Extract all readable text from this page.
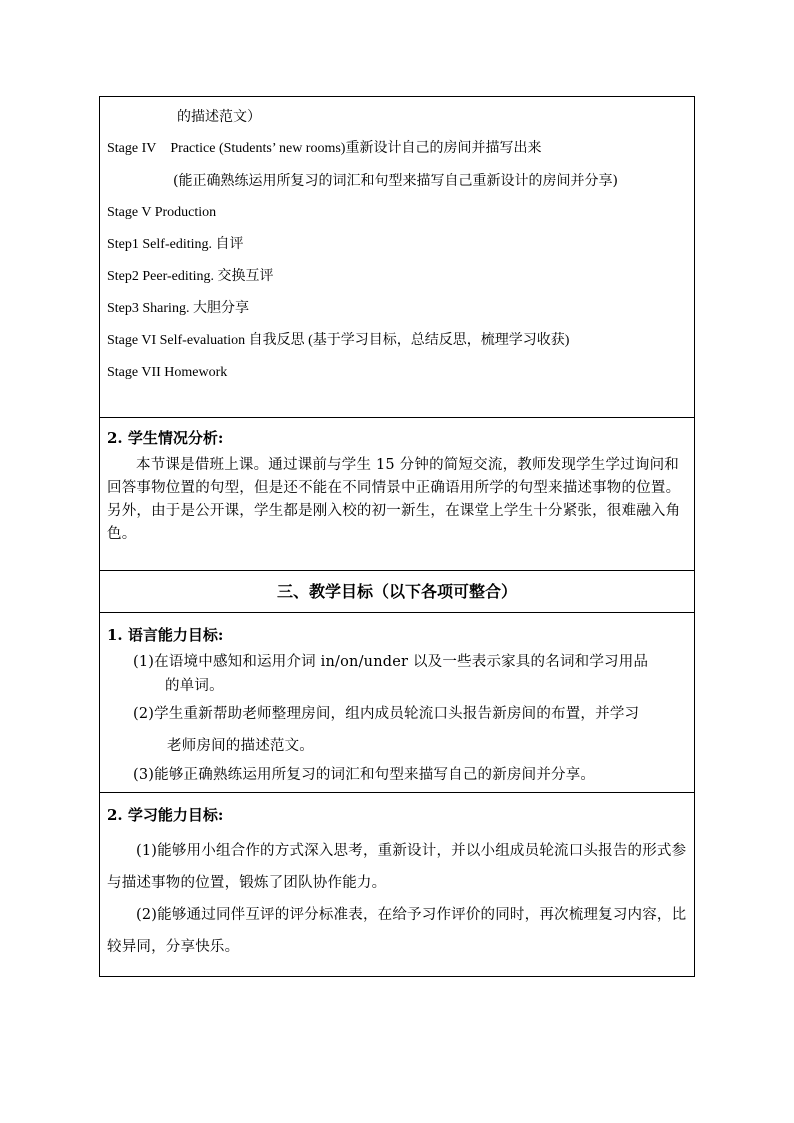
的描述范文）
Stage IV Practice (Students’ new rooms)重新设计自己的房间并描写出来
(能正确熟练运用所复习的词汇和句型来描写自己重新设计的房间并分享)
Stage V Production
Step1 Self-editing. 自评
Step2 Peer-editing. 交换互评
Step3 Sharing. 大胆分享
Stage VI Self-evaluation 自我反思 (基于学习目标，总结反思，梳理学习收获)
Stage VII Homework

2. 学生情况分析:
本节课是借班上课。通过课前与学生 15 分钟的简短交流，教师发现学生学过询问和回答事物位置的句型，但是还不能在不同情景中正确语用所学的句型来描述事物的位置。另外，由于是公开课，学生都是刚入校的初一新生，在课堂上学生十分紧张，很难融入角色。

三、教学目标（以下各项可整合）

1. 语言能力目标:
(1)在语境中感知和运用介词 in/on/under 以及一些表示家具的名词和学习用品
的单词。
(2)学生重新帮助老师整理房间，组内成员轮流口头报告新房间的布置，并学习
老师房间的描述范文。
(3)能够正确熟练运用所复习的词汇和句型来描写自己的新房间并分享。

2. 学习能力目标:
(1)能够用小组合作的方式深入思考，重新设计，并以小组成员轮流口头报告的形式参与描述事物的位置，锻炼了团队协作能力。
(2)能够通过同伴互评的评分标准表，在给予习作评价的同时，再次梳理复习内容，比较异同，分享快乐。
